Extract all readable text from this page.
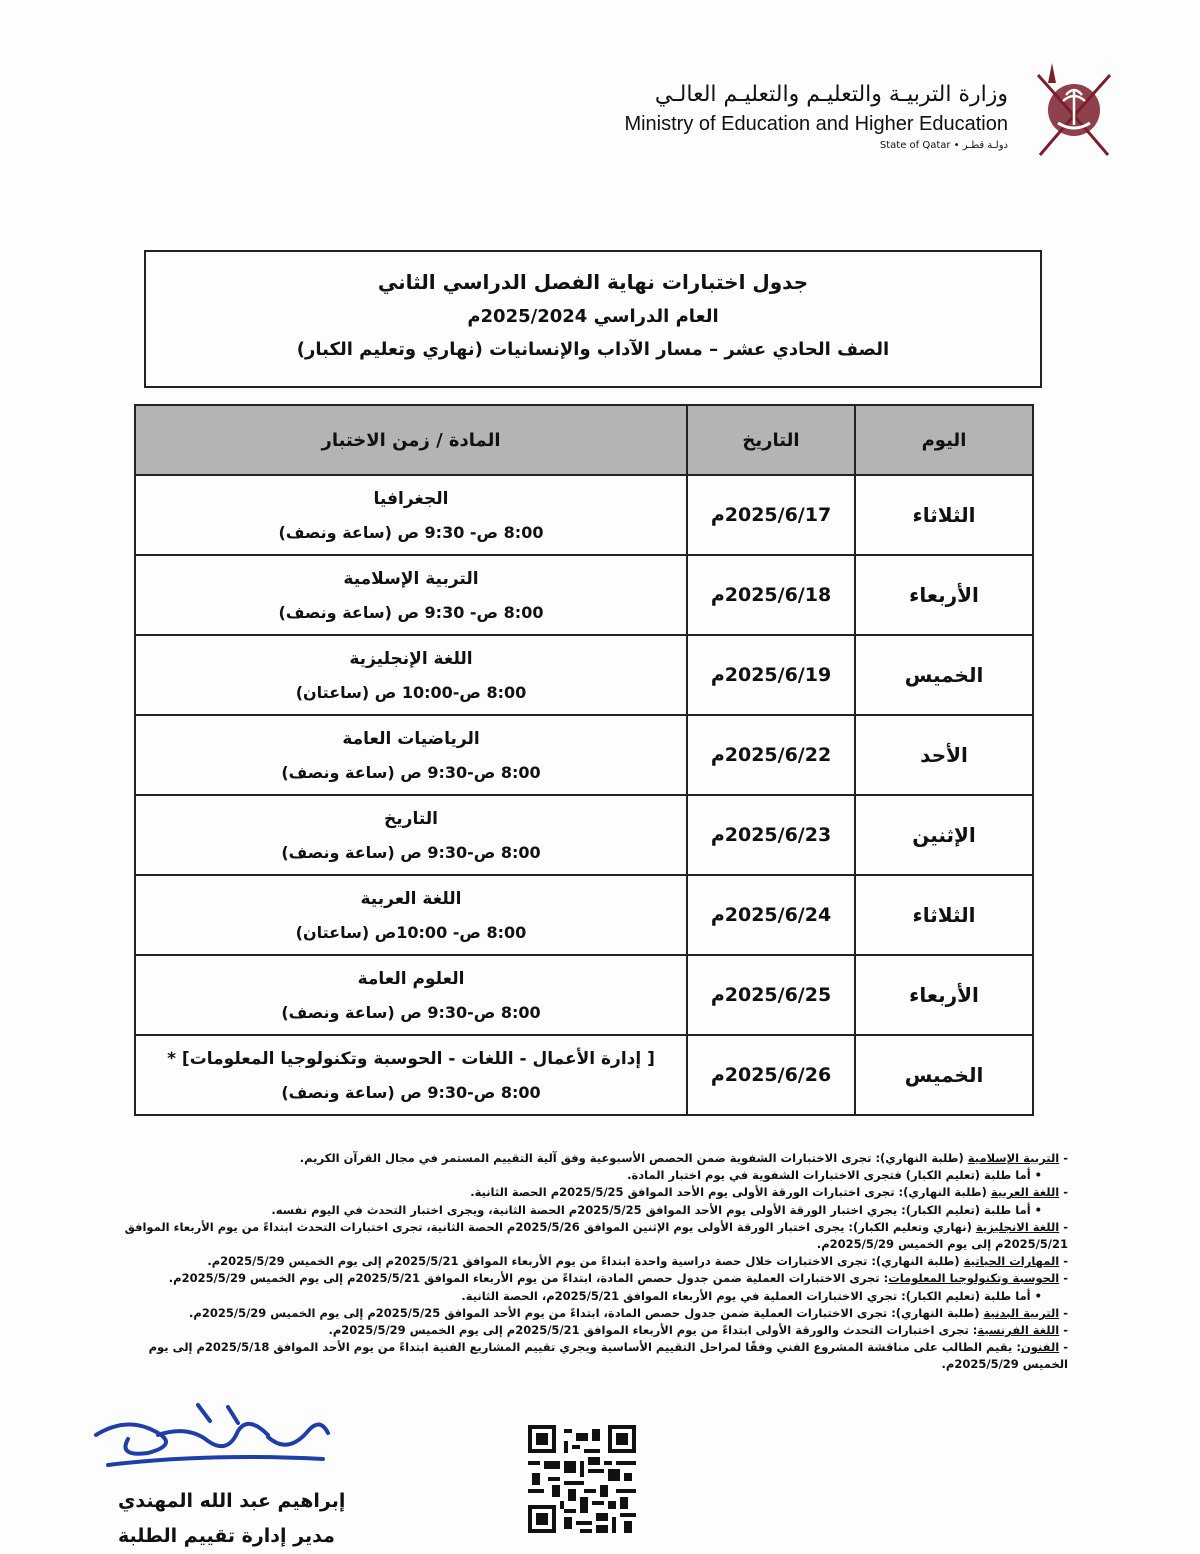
وزارة التربيـة والتعليـم والتعليـم العالـي
Ministry of Education and Higher Education
State of Qatar • دولـة قطـر
جدول اختبارات نهاية الفصل الدراسي الثاني
العام الدراسي 2025/2024م
الصف الحادي عشر – مسار الآداب والإنسانيات (نهاري وتعليم الكبار)
اليوم	التاريخ	المادة / زمن الاختبار
الثلاثاء	2025/6/17م	الجغرافيا
8:00 ص- 9:30 ص (ساعة ونصف)

الأربعاء	2025/6/18م	التربية الإسلامية
8:00 ص- 9:30 ص (ساعة ونصف)

الخميس	2025/6/19م	اللغة الإنجليزية
8:00 ص-10:00 ص (ساعتان)

الأحد	2025/6/22م	الرياضيات العامة
8:00 ص-9:30 ص (ساعة ونصف)

الإثنين	2025/6/23م	التاريخ
8:00 ص-9:30 ص (ساعة ونصف)

الثلاثاء	2025/6/24م	اللغة العربية
8:00 ص- 10:00ص (ساعتان)

الأربعاء	2025/6/25م	العلوم العامة
8:00 ص-9:30 ص (ساعة ونصف)

الخميس	2025/6/26م	[ إدارة الأعمال - اللغات - الحوسبة وتكنولوجيا المعلومات] *
8:00 ص-9:30 ص (ساعة ونصف)
- التربية الإسلامية (طلبة النهاري): تجرى الاختبارات الشفوية ضمن الحصص الأسبوعية وفق آلية التقييم المستمر في مجال القرآن الكريم.
• أما طلبة (تعليم الكبار) فتجرى الاختبارات الشفوية في يوم اختبار المادة.
- اللغة العربية (طلبة النهاري): تجرى اختبارات الورقة الأولى يوم الأحد الموافق 2025/5/25م الحصة الثانية.
• أما طلبة (تعليم الكبار): يجري اختبار الورقة الأولى يوم الأحد الموافق 2025/5/25م الحصة الثانية، ويجرى اختبار التحدث في اليوم نفسه.
- اللغة الانجليزية (نهاري وتعليم الكبار): يجرى اختبار الورقة الأولى يوم الإثنين الموافق 2025/5/26م الحصة الثانية، تجرى اختبارات التحدث ابتداءً من يوم الأربعاء الموافق 2025/5/21م إلى يوم الخميس 2025/5/29م.
- المهارات الحياتية (طلبة النهاري): تجرى الاختبارات خلال حصة دراسية واحدة ابتداءً من يوم الأربعاء الموافق 2025/5/21م إلى يوم الخميس 2025/5/29م.
- الحوسبة وتكنولوجيا المعلومات: تجرى الاختبارات العملية ضمن جدول حصص المادة، ابتداءً من يوم الأربعاء الموافق 2025/5/21م إلى يوم الخميس 2025/5/29م.
• أما طلبة (تعليم الكبار): تجري الاختبارات العملية في يوم الأربعاء الموافق 2025/5/21م، الحصة الثانية.
- التربية البدنية (طلبة النهاري): تجرى الاختبارات العملية ضمن جدول حصص المادة، ابتداءً من يوم الأحد الموافق 2025/5/25م إلى يوم الخميس 2025/5/29م.
- اللغة الفرنسية: تجرى اختبارات التحدث والورقة الأولى ابتداءً من يوم الأربعاء الموافق 2025/5/21م إلى يوم الخميس 2025/5/29م.
- الفنون: يقيم الطالب على مناقشة المشروع الفني وفقًا لمراحل التقييم الأساسية ويجري تقييم المشاريع الفنية ابتداءً من يوم الأحد الموافق 2025/5/18م إلى يوم الخميس 2025/5/29م.
إبراهيم عبد الله المهندي
مدير إدارة تقييم الطلبة
